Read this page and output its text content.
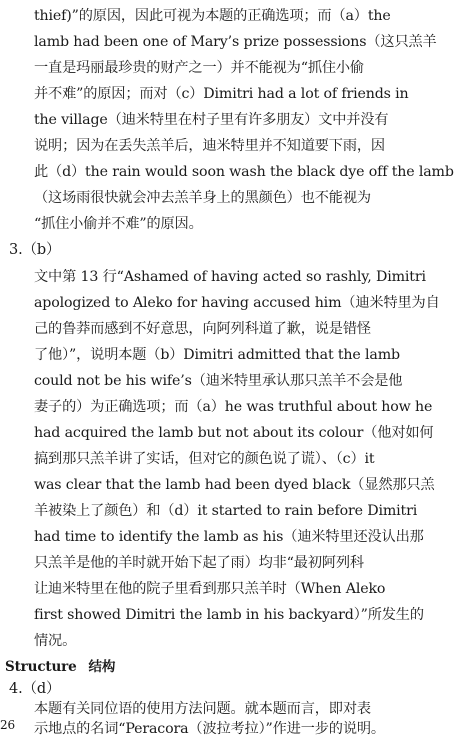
thief)”的原因，因此可视为本题的正确选项；而（a）the
lamb had been one of Mary’s prize possessions（这只羔羊
一直是玛丽最珍贵的财产之一）并不能视为“抓住小偷
并不难”的原因；而对（c）Dimitri had a lot of friends in
the village（迪米特里在村子里有许多朋友）文中并没有
说明；因为在丢失羔羊后，迪米特里并不知道要下雨，因
此（d）the rain would soon wash the black dye off the lamb
（这场雨很快就会冲去羔羊身上的黑颜色）也不能视为
“抓住小偷并不难”的原因。
3.（b）
文中第 13 行“Ashamed of having acted so rashly, Dimitri
apologized to Aleko for having accused him（迪米特里为自
己的鲁莽而感到不好意思，向阿列科道了歉，说是错怪
了他）”，说明本题（b）Dimitri admitted that the lamb
could not be his wife’s（迪米特里承认那只羔羊不会是他
妻子的）为正确选项；而（a）he was truthful about how he
had acquired the lamb but not about its colour（他对如何
搞到那只羔羊讲了实话，但对它的颜色说了谎）、（c）it
was clear that the lamb had been dyed black（显然那只羔
羊被染上了颜色）和（d）it started to rain before Dimitri
had time to identify the lamb as his（迪米特里还没认出那
只羔羊是他的羊时就开始下起了雨）均非“最初阿列科
让迪米特里在他的院子里看到那只羔羊时（When Aleko
first showed Dimitri the lamb in his backyard）”所发生的
情况。
Structure 结构
4.（d）
本题有关同位语的使用方法问题。就本题而言，即对表
示地点的名词“Peracora（波拉考拉）”作进一步的说明。
26
